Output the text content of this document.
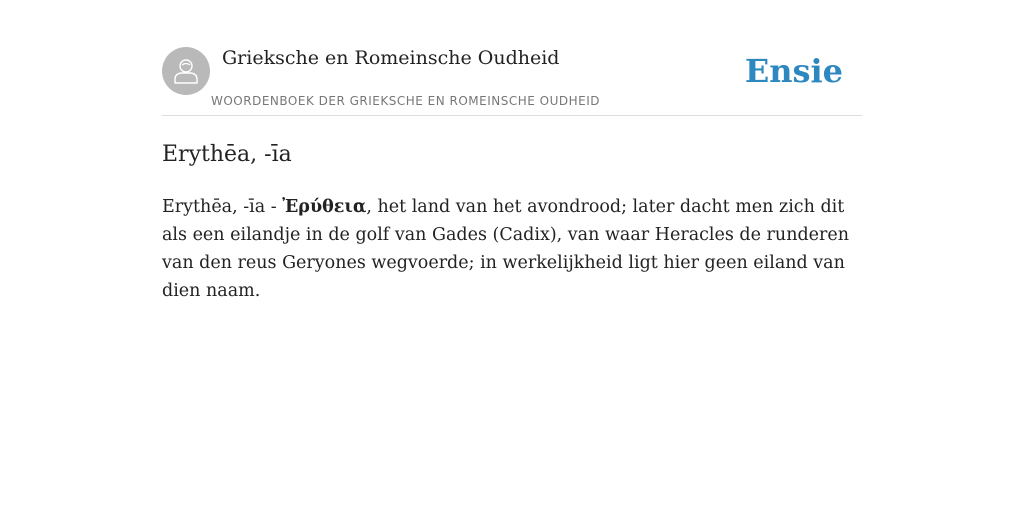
Grieksche en Romeinsche Oudheid
WOORDENBOEK DER GRIEKSCHE EN ROMEINSCHE OUDHEID
Ensie
Erythēa, -īa

Erythēa, -īa - Ἐρύθεια, het land van het avondrood; later dacht men zich dit als een eilandje in de golf van Gades (Cadix), van waar Heracles de runderen van den reus Geryones wegvoerde; in werkelijkheid ligt hier geen eiland van dien naam.
